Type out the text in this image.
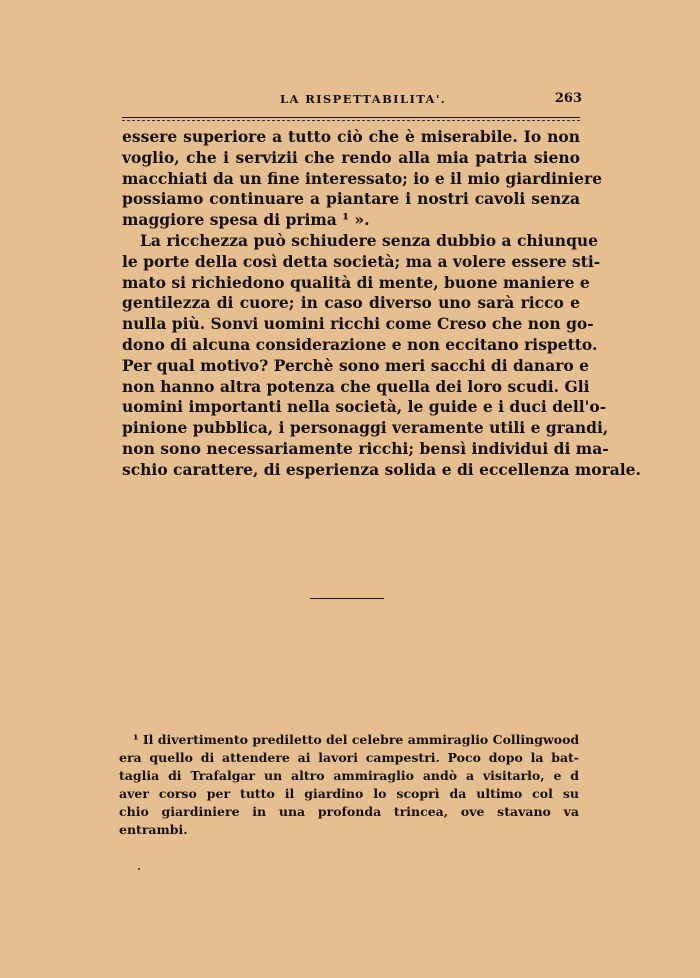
LA RISPETTABILITA'.	263
essere superiore a tutto ciò che è miserabile. Io non
voglio, che i servizii che rendo alla mia patria sieno
macchiati da un fine interessato; io e il mio giardiniere
possiamo continuare a piantare i nostri cavoli senza
maggiore spesa di prima ¹ ».
La ricchezza può schiudere senza dubbio a chiunque
le porte della così detta società; ma a volere essere sti-
mato si richiedono qualità di mente, buone maniere e
gentilezza di cuore; in caso diverso uno sarà ricco e
nulla più. Sonvi uomini ricchi come Creso che non go-
dono di alcuna considerazione e non eccitano rispetto.
Per qual motivo? Perchè sono meri sacchi di danaro e
non hanno altra potenza che quella dei loro scudi. Gli
uomini importanti nella società, le guide e i duci dell'o-
pinione pubblica, i personaggi veramente utili e grandi,
non sono necessariamente ricchi; bensì individui di ma-
schio carattere, di esperienza solida e di eccellenza morale.
¹ Il divertimento prediletto del celebre ammiraglio Collingwood
era quello di attendere ai lavori campestri. Poco dopo la bat-
taglia di Trafalgar un altro ammiraglio andò a visitarlo, e d
aver corso per tutto il giardino lo scoprì da ultimo col su
chio giardiniere in una profonda trincea, ove stavano va
entrambi.
